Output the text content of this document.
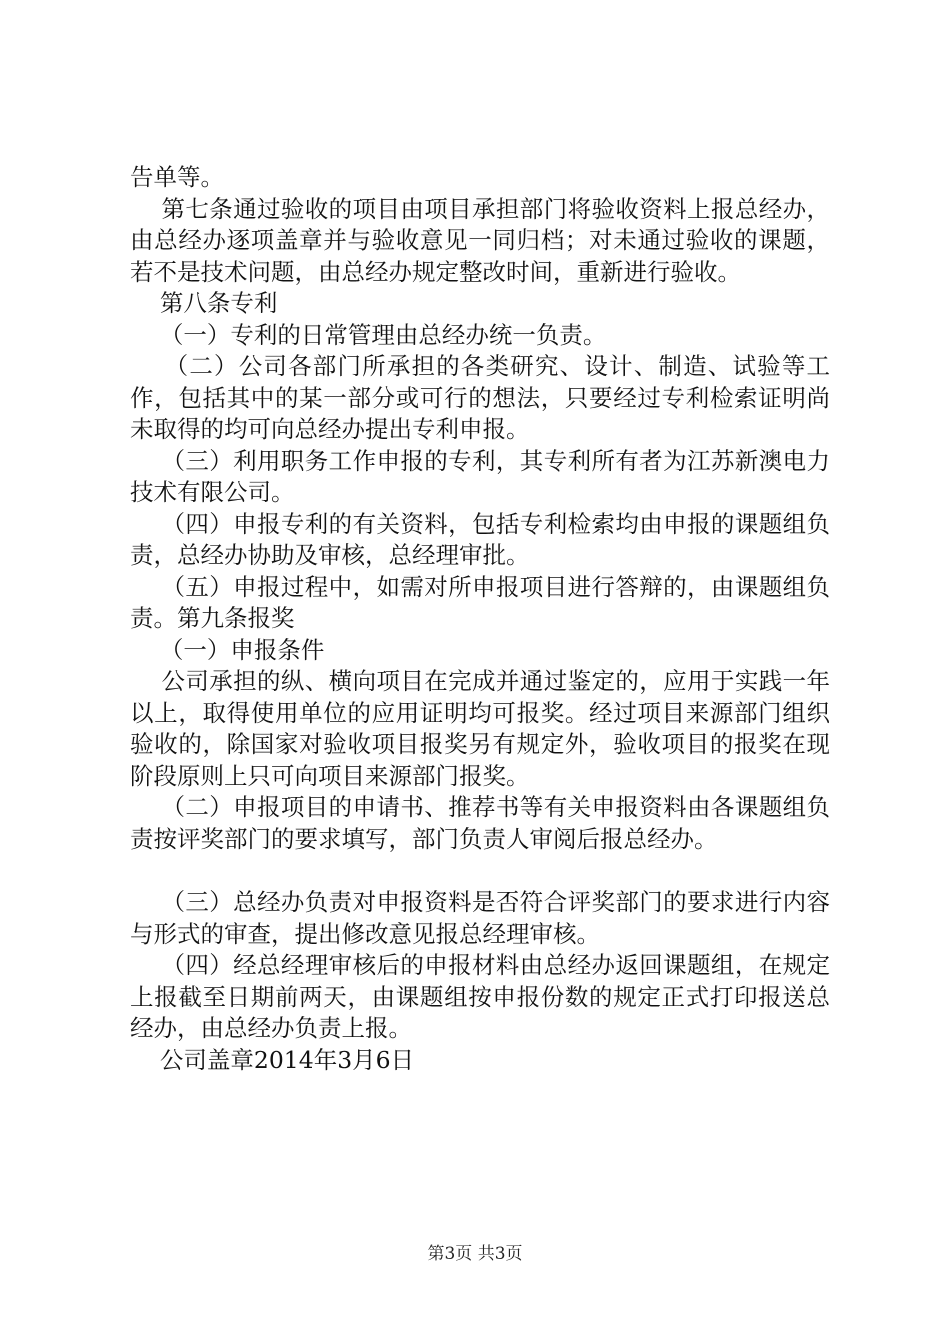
告单等。

第七条通过验收的项目由项目承担部门将验收资料上报总经办，由总经办逐项盖章并与验收意见一同归档；对未通过验收的课题，若不是技术问题，由总经办规定整改时间，重新进行验收。

第八条专利

（一）专利的日常管理由总经办统一负责。

（二）公司各部门所承担的各类研究、设计、制造、试验等工作，包括其中的某一部分或可行的想法，只要经过专利检索证明尚未取得的均可向总经办提出专利申报。

（三）利用职务工作申报的专利，其专利所有者为江苏新澳电力技术有限公司。

（四）申报专利的有关资料，包括专利检索均由申报的课题组负责，总经办协助及审核，总经理审批。

（五）申报过程中，如需对所申报项目进行答辩的，由课题组负责。第九条报奖

（一）申报条件

公司承担的纵、横向项目在完成并通过鉴定的，应用于实践一年以上，取得使用单位的应用证明均可报奖。经过项目来源部门组织验收的，除国家对验收项目报奖另有规定外，验收项目的报奖在现阶段原则上只可向项目来源部门报奖。

（二）申报项目的申请书、推荐书等有关申报资料由各课题组负责按评奖部门的要求填写，部门负责人审阅后报总经办。

（三）总经办负责对申报资料是否符合评奖部门的要求进行内容与形式的审查，提出修改意见报总经理审核。

（四）经总经理审核后的申报材料由总经办返回课题组，在规定上报截至日期前两天，由课题组按申报份数的规定正式打印报送总经办，由总经办负责上报。

公司盖章2014年3月6日

第3页 共3页
